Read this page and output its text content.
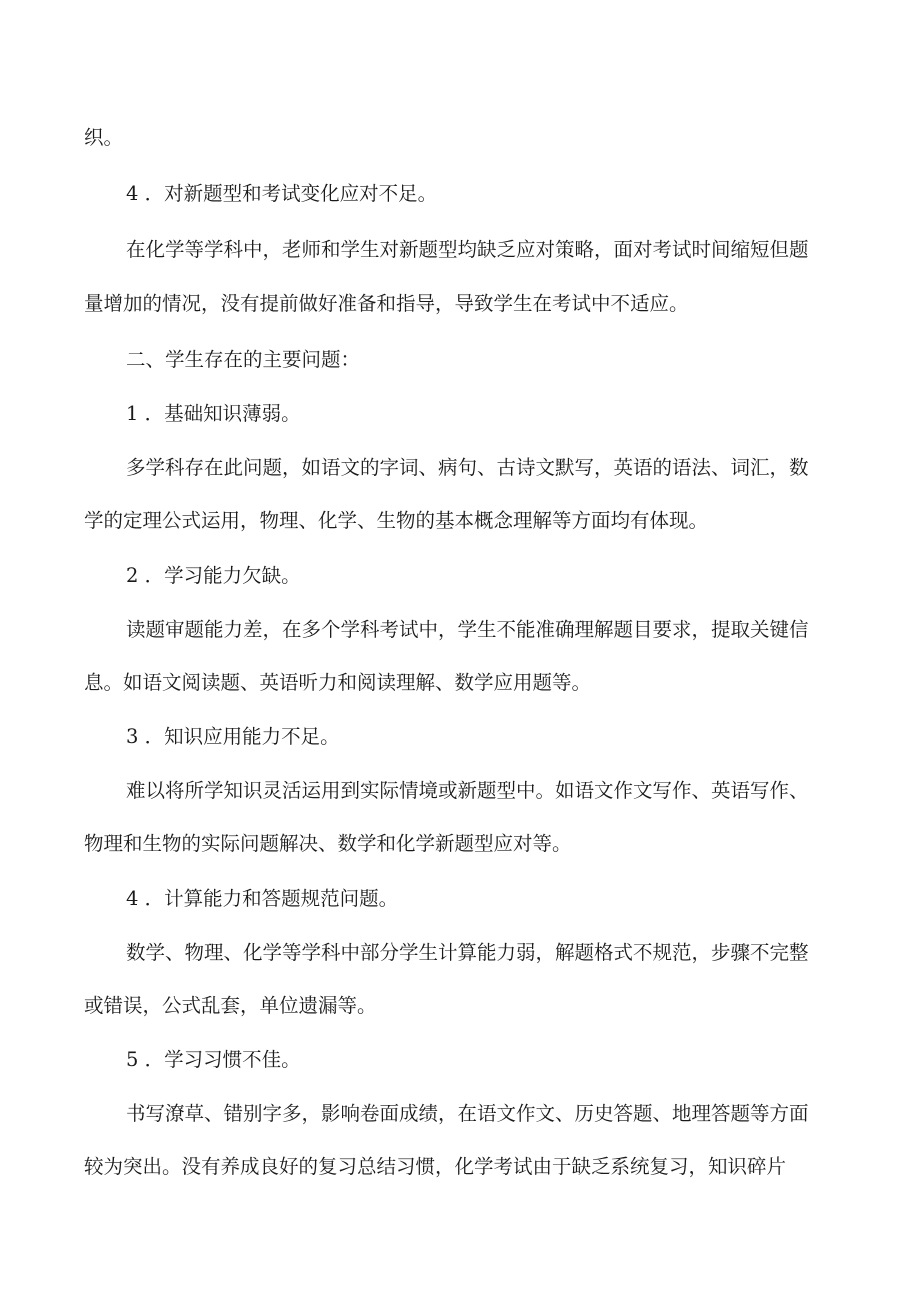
织。
4 ．对新题型和考试变化应对不足。
在化学等学科中，老师和学生对新题型均缺乏应对策略，面对考试时间缩短但题
量增加的情况，没有提前做好准备和指导，导致学生在考试中不适应。
二、学生存在的主要问题：
1 ．基础知识薄弱。
多学科存在此问题，如语文的字词、病句、古诗文默写，英语的语法、词汇，数
学的定理公式运用，物理、化学、生物的基本概念理解等方面均有体现。
2 ．学习能力欠缺。
读题审题能力差，在多个学科考试中，学生不能准确理解题目要求，提取关键信
息。如语文阅读题、英语听力和阅读理解、数学应用题等。
3 ．知识应用能力不足。
难以将所学知识灵活运用到实际情境或新题型中。如语文作文写作、英语写作、
物理和生物的实际问题解决、数学和化学新题型应对等。
4 ．计算能力和答题规范问题。
数学、物理、化学等学科中部分学生计算能力弱，解题格式不规范，步骤不完整
或错误，公式乱套，单位遗漏等。
5 ．学习习惯不佳。
书写潦草、错别字多，影响卷面成绩，在语文作文、历史答题、地理答题等方面
较为突出。没有养成良好的复习总结习惯，化学考试由于缺乏系统复习，知识碎片
